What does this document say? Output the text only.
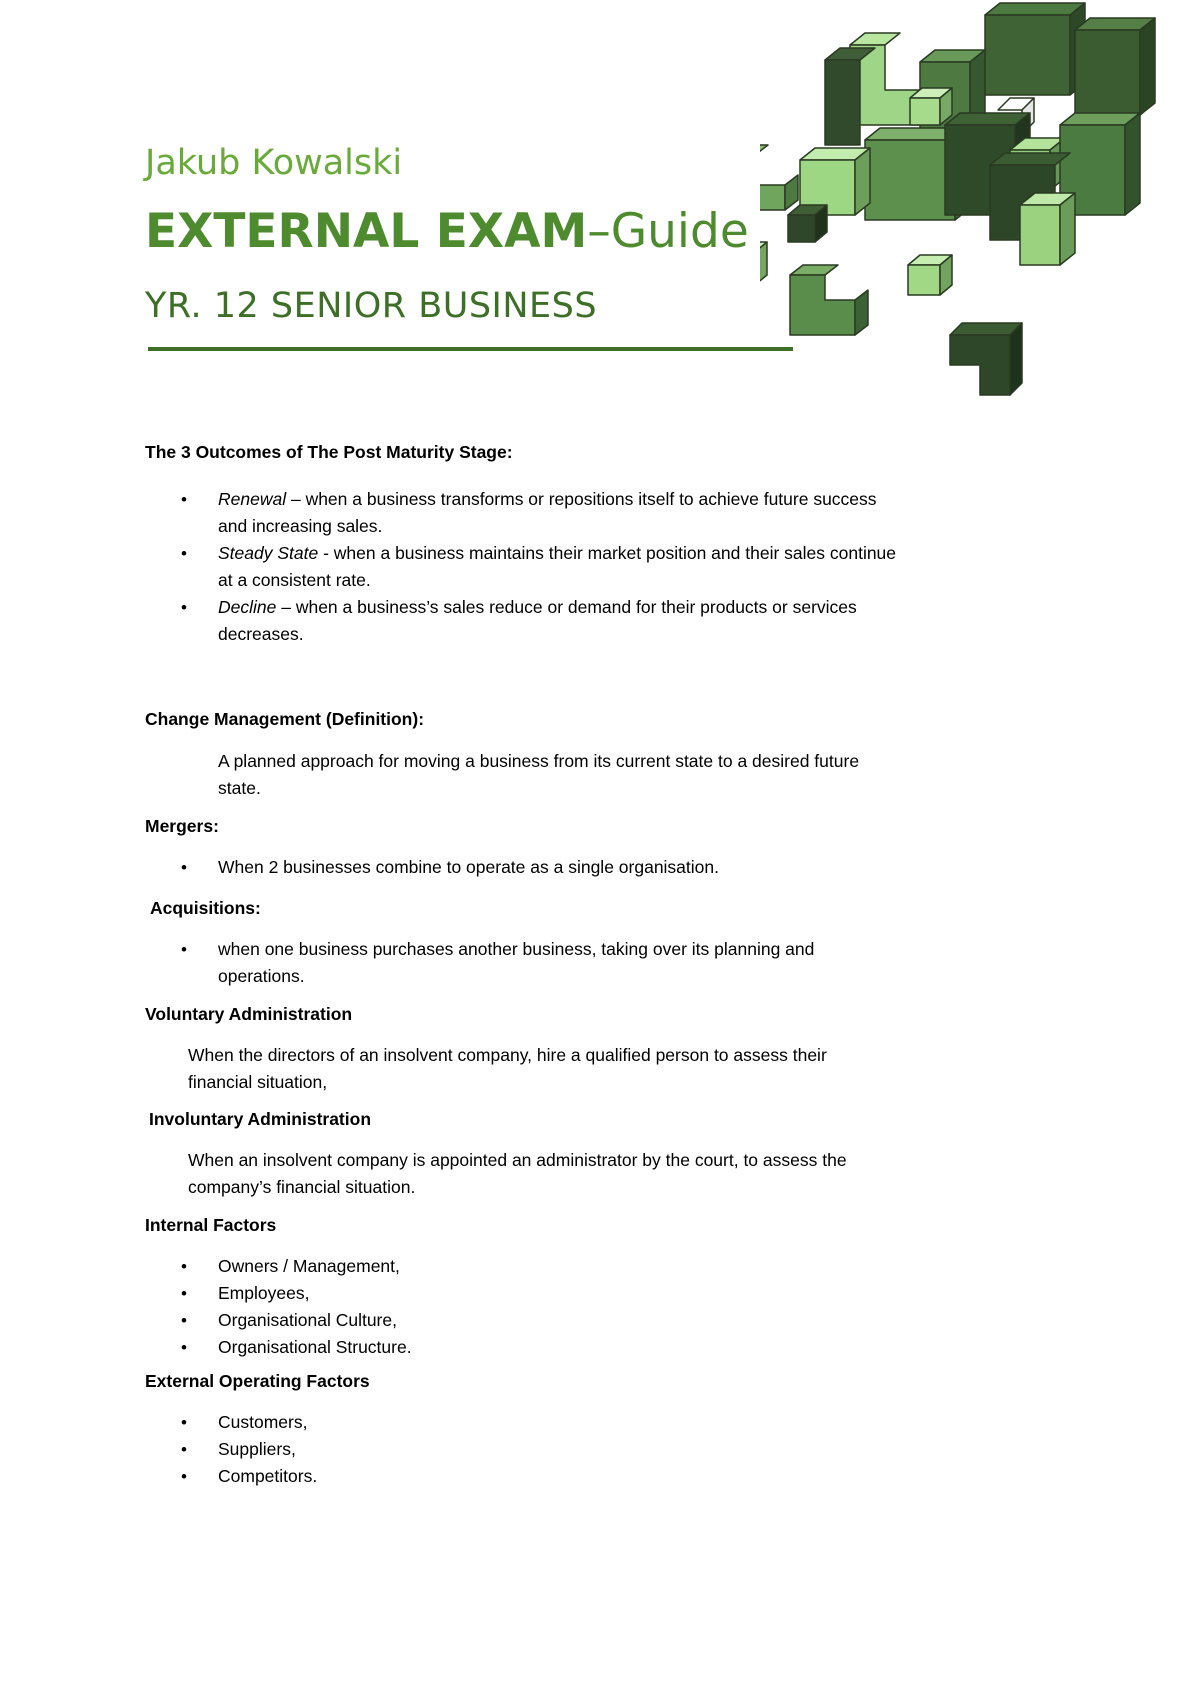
Jakub Kowalski
EXTERNAL EXAM–Guide
YR. 12 SENIOR BUSINESS

The 3 Outcomes of The Post Maturity Stage:

• Renewal – when a business transforms or repositions itself to achieve future success and increasing sales.
• Steady State - when a business maintains their market position and their sales continue at a consistent rate.
• Decline – when a business’s sales reduce or demand for their products or services decreases.

Change Management (Definition):

A planned approach for moving a business from its current state to a desired future state.

Mergers:

• When 2 businesses combine to operate as a single organisation.

Acquisitions:

• when one business purchases another business, taking over its planning and operations.

Voluntary Administration

When the directors of an insolvent company, hire a qualified person to assess their financial situation,

Involuntary Administration

When an insolvent company is appointed an administrator by the court, to assess the company’s financial situation.

Internal Factors

• Owners / Management,
• Employees,
• Organisational Culture,
• Organisational Structure.

External Operating Factors

• Customers,
• Suppliers,
• Competitors.
